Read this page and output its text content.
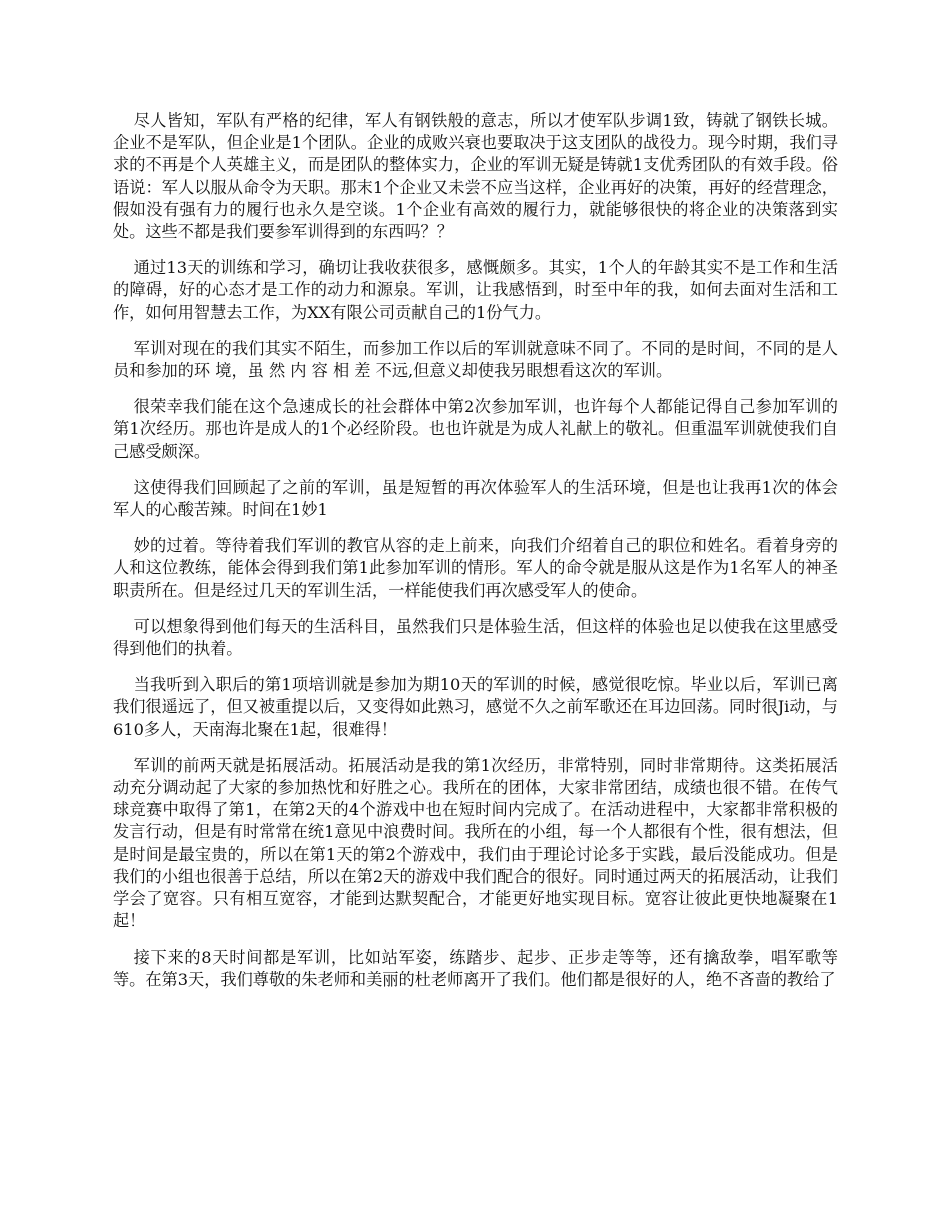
尽人皆知，军队有严格的纪律，军人有钢铁般的意志，所以才使军队步调1致，铸就了钢铁长城。企业不是军队，但企业是1个团队。企业的成败兴衰也要取决于这支团队的战役力。现今时期，我们寻求的不再是个人英雄主义，而是团队的整体实力，企业的军训无疑是铸就1支优秀团队的有效手段。俗语说：军人以服从命令为天职。那末1个企业又未尝不应当这样，企业再好的决策，再好的经营理念，假如没有强有力的履行也永久是空谈。1个企业有高效的履行力，就能够很快的将企业的决策落到实处。这些不都是我们要参军训得到的东西吗？？

通过13天的训练和学习，确切让我收获很多，感慨颇多。其实，1个人的年龄其实不是工作和生活的障碍，好的心态才是工作的动力和源泉。军训，让我感悟到，时至中年的我，如何去面对生活和工作，如何用智慧去工作，为XX有限公司贡献自己的1份气力。

军训对现在的我们其实不陌生，而参加工作以后的军训就意味不同了。不同的是时间，不同的是人员和参加的环 境，虽 然 内 容 相 差 不远,但意义却使我另眼想看这次的军训。

很荣幸我们能在这个急速成长的社会群体中第2次参加军训，也许每个人都能记得自己参加军训的第1次经历。那也许是成人的1个必经阶段。也也许就是为成人礼献上的敬礼。但重温军训就使我们自己感受颇深。

这使得我们回顾起了之前的军训，虽是短暂的再次体验军人的生活环境，但是也让我再1次的体会军人的心酸苦辣。时间在1妙1

妙的过着。等待着我们军训的教官从容的走上前来，向我们介绍着自己的职位和姓名。看着身旁的人和这位教练，能体会得到我们第1此参加军训的情形。军人的命令就是服从这是作为1名军人的神圣职责所在。但是经过几天的军训生活，一样能使我们再次感受军人的使命。

可以想象得到他们每天的生活科目，虽然我们只是体验生活，但这样的体验也足以使我在这里感受得到他们的执着。

当我听到入职后的第1项培训就是参加为期10天的军训的时候，感觉很吃惊。毕业以后，军训已离我们很遥远了，但又被重提以后，又变得如此熟习，感觉不久之前军歌还在耳边回荡。同时很Ji动，与610多人，天南海北聚在1起，很难得！

军训的前两天就是拓展活动。拓展活动是我的第1次经历，非常特别，同时非常期待。这类拓展活动充分调动起了大家的参加热忱和好胜之心。我所在的团体，大家非常团结，成绩也很不错。在传气球竞赛中取得了第1，在第2天的4个游戏中也在短时间内完成了。在活动进程中，大家都非常积极的发言行动，但是有时常常在统1意见中浪费时间。我所在的小组，每一个人都很有个性，很有想法，但是时间是最宝贵的，所以在第1天的第2个游戏中，我们由于理论讨论多于实践，最后没能成功。但是我们的小组也很善于总结，所以在第2天的游戏中我们配合的很好。同时通过两天的拓展活动，让我们学会了宽容。只有相互宽容，才能到达默契配合，才能更好地实现目标。宽容让彼此更快地凝聚在1起！

接下来的8天时间都是军训，比如站军姿，练踏步、起步、正步走等等，还有擒敌拳，唱军歌等等。在第3天，我们尊敬的朱老师和美丽的杜老师离开了我们。他们都是很好的人，绝不吝啬的教给了
